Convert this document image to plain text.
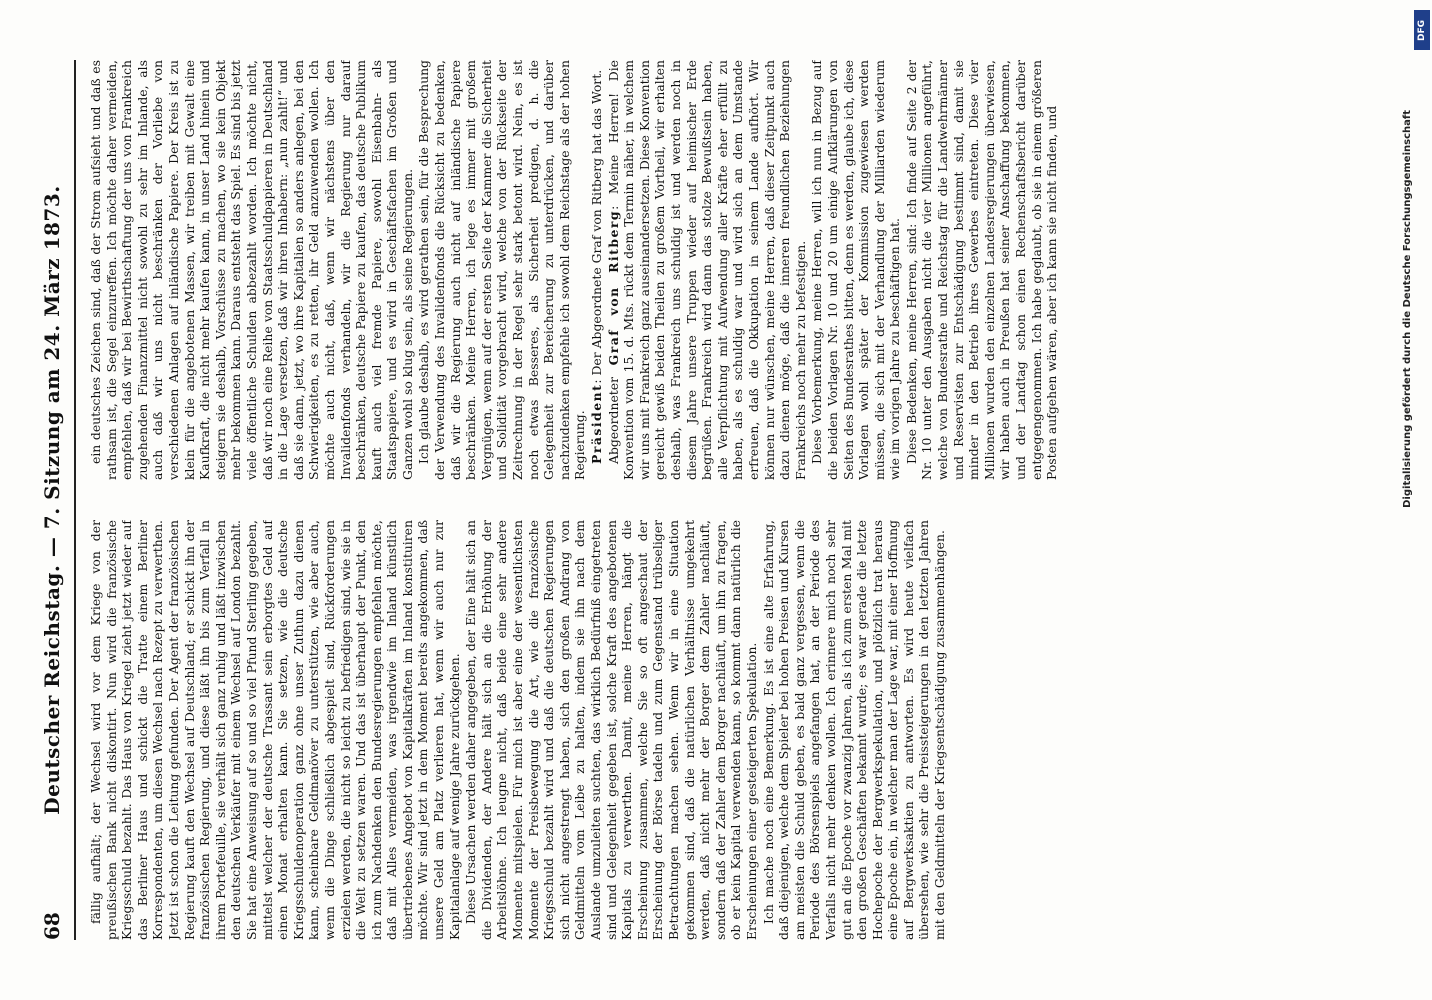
68
Deutscher Reichstag. — 7. Sitzung am 24. März 1873. fällig aufhält; der Wechsel wird vor dem Kriege von der preußischen Bank nicht diskontirt. Nun wird die französische Kriegsschuld bezahlt. Das Haus von Kriegel zieht jetzt wieder auf das Berliner Haus und schickt die Tratte einem Berliner Korrespondenten, um diesen Wechsel nach Rezept zu verwerthen. Jetzt ist schon die Leitung gefunden. Der Agent der französischen Regierung kauft den Wechsel auf Deutschland; er schickt ihn der französischen Regierung, und diese läßt ihn bis zum Verfall in ihrem Portefeuille, sie verhält sich ganz ruhig und läßt inzwischen den deutschen Verkäufer mit einem Wechsel auf London bezahlt. Sie hat eine Anweisung auf so und so viel Pfund Sterling gegeben, mittelst welcher der deutsche Trassant sein erborgtes Geld auf einen Monat erhalten kann. Sie setzen, wie die deutsche Kriegsschuldenoperation ganz ohne unser Zuthun dazu dienen kann, scheinbare Geldmanöver zu unterstützen, wie aber auch, wenn die Dinge schließlich abgespielt sind, Rückforderungen erzielen werden, die nicht so leicht zu befriedigen sind, wie sie in die Welt zu setzen waren. Und das ist überhaupt der Punkt, den ich zum Nachdenken den Bundesregierungen empfehlen möchte, daß mit Alles vermeiden, was irgendwie im Inland künstlich übertriebenes Angebot von Kapitalkräften im Inland konstituiren möchte. Wir sind jetzt in dem Moment bereits angekommen, daß unsere Geld am Platz verlieren hat, wenn wir auch nur zur Kapitalanlage auf wenige Jahre zurückgehen. Diese Ursachen werden daher angegeben, der Eine hält sich an die Dividenden, der Andere hält sich an die Erhöhung der Arbeitslöhne. Ich leugne nicht, daß beide eine sehr andere Momente mitspielen. Für mich ist aber eine der wesentlichsten Momente der Preisbewegung die Art, wie die französische Kriegsschuld bezahlt wird und daß die deutschen Regierungen sich nicht angestrengt haben, sich den großen Andrang von Geldmitteln vom Leibe zu halten, indem sie ihn nach dem Auslande umzuleiten suchten, das wirklich Bedürfniß eingetreten sind und Gelegenheit gegeben ist, solche Kraft des angebotenen Kapitals zu verwerthen. Damit, meine Herren, hängt die Erscheinung zusammen, welche Sie so oft angeschaut der Erscheinung der Börse tadeln und zum Gegenstand trübseliger Betrachtungen machen sehen. Wenn wir in eine Situation gekommen sind, daß die natürlichen Verhältnisse umgekehrt werden, daß nicht mehr der Borger dem Zahler nachläuft, sondern daß der Zahler dem Borger nachläuft, um ihn zu fragen, ob er kein Kapital verwenden kann, so kommt dann natürlich die Erscheinungen einer gesteigerten Spekulation. Ich mache noch eine Bemerkung. Es ist eine alte Erfahrung, daß diejenigen, welche dem Spieler bei hohen Preisen und Kursen am meisten die Schuld geben, es bald ganz vergessen, wenn die Periode des Börsenspiels angefangen hat, an der Periode des Verfalls nicht mehr denken wollen. Ich erinnere mich noch sehr gut an die Epoche vor zwanzig Jahren, als ich zum ersten Mal mit den großen Geschäften bekannt wurde; es war gerade die letzte Hochepoche der Bergwerkspekulation, und plötzlich trat heraus eine Epoche ein, in welcher man der Lage war, mit einer Hoffnung auf Bergwerksaktien zu antworten. Es wird heute vielfach übersehen, wie sehr die Preissteigerungen in den letzten Jahren mit den Geldmitteln der Kriegsentschädigung zusammenhängen.

ein deutsches Zeichen sind, daß der Strom aufsieht und daß es rathsam ist, die Segel einzureffen. Ich möchte daher vermeiden, empfehlen, daß wir bei Bewirthschaftung der uns von Frankreich zugehenden Finanzmittel nicht sowohl zu sehr im Inlande, als auch daß wir uns nicht beschränken der Vorliebe von verschiedenen Anlagen auf inländische Papiere. Der Kreis ist zu klein für die angebotenen Massen, wir treiben mit Gewalt eine Kaufkraft, die nicht mehr kaufen kann, in unser Land hinein und steigern sie deshalb, Vorschüsse zu machen, wo sie kein Objekt mehr bekommen kann. Daraus entsteht das Spiel. Es sind bis jetzt viele öffentliche Schulden abbezahlt worden. Ich möchte nicht, daß wir noch eine Reihe von Staatsschuldpapieren in Deutschland in die Lage versetzen, daß wir ihren Inhabern: „nun zahlt!“ und daß sie dann, jetzt, wo ihre Kapitalien so anders anlegen, bei den Schwierigkeiten, es zu retten, ihr Geld anzuwenden wollen. Ich möchte auch nicht, daß, wenn wir nächstens über den Invalidenfonds verhandeln, wir die Regierung nur darauf beschränken, deutsche Papiere zu kaufen, das deutsche Publikum kauft auch viel fremde Papiere, sowohl Eisenbahn- als Staatspapiere, und es wird in Geschäftsfachen im Großen und Ganzen wohl so klug sein, als seine Regierungen. Ich glaube deshalb, es wird gerathen sein, für die Besprechung der Verwendung des Invalidenfonds die Rücksicht zu bedenken, daß wir die Regierung auch nicht auf inländische Papiere beschränken. Meine Herren, ich lege es immer mit großem Vergnügen, wenn auf der ersten Seite der Kammer die Sicherheit und Solidität vorgebracht wird, welche von der Rückseite der Zeitrechnung in der Regel sehr stark betont wird. Nein, es ist noch etwas Besseres, als Sicherheit predigen, d. h. die Gelegenheit zur Bereicherung zu unterdrücken, und darüber nachzudenken empfehle ich sowohl dem Reichstage als der hohen Regierung. Präsident: Der Abgeordnete Graf von Ritberg hat das Wort.

Abgeordneter Graf von Ritberg: Meine Herren! Die Konvention vom 15. d. Mts. rückt dem Termin näher, in welchem wir uns mit Frankreich ganz auseinandersetzen. Diese Konvention gereicht gewiß beiden Theilen zu großem Vortheil, wir erhalten deshalb, was Frankreich uns schuldig ist und werden noch in diesem Jahre unsere Truppen wieder auf heimischer Erde begrüßen. Frankreich wird dann das stolze Bewußtsein haben, alle Verpflichtung mit Aufwendung aller Kräfte eher erfüllt zu haben, als es schuldig war und wird sich an dem Umstande erfreuen, daß die Okkupation in seinem Lande aufhört. Wir können nur wünschen, meine Herren, daß dieser Zeitpunkt auch dazu dienen möge, daß die inneren freundlichen Beziehungen Frankreichs noch mehr zu befestigen. Diese Vorbemerkung, meine Herren, will ich nun in Bezug auf die beiden Vorlagen Nr. 10 und 20 um einige Aufklärungen von Seiten des Bundesrathes bitten, denn es werden, glaube ich, diese Vorlagen wohl später der Kommission zugewiesen werden müssen, die sich mit der Verhandlung der Milliarden wiederum wie im vorigen Jahre zu beschäftigen hat. Diese Bedenken, meine Herren, sind: Ich finde auf Seite 2 der Nr. 10 unter den Ausgaben nicht die vier Millionen angeführt, welche von Bundesrathe und Reichstag für die Landwehrmänner und Reservisten zur Entschädigung bestimmt sind, damit sie minder in den Betrieb ihres Gewerbes eintreten. Diese vier Millionen wurden den einzelnen Landesregierungen überwiesen, wir haben auch in Preußen hat seiner Anschaffung bekommen, und der Landtag schon einen Rechenschaftsbericht darüber entgegengenommen. Ich habe geglaubt, ob sie in einem größeren Posten aufgehen wären, aber ich kann sie nicht finden, und	Digitalisierung gefördert durch die Deutsche Forschungsgemeinschaft
DFG
